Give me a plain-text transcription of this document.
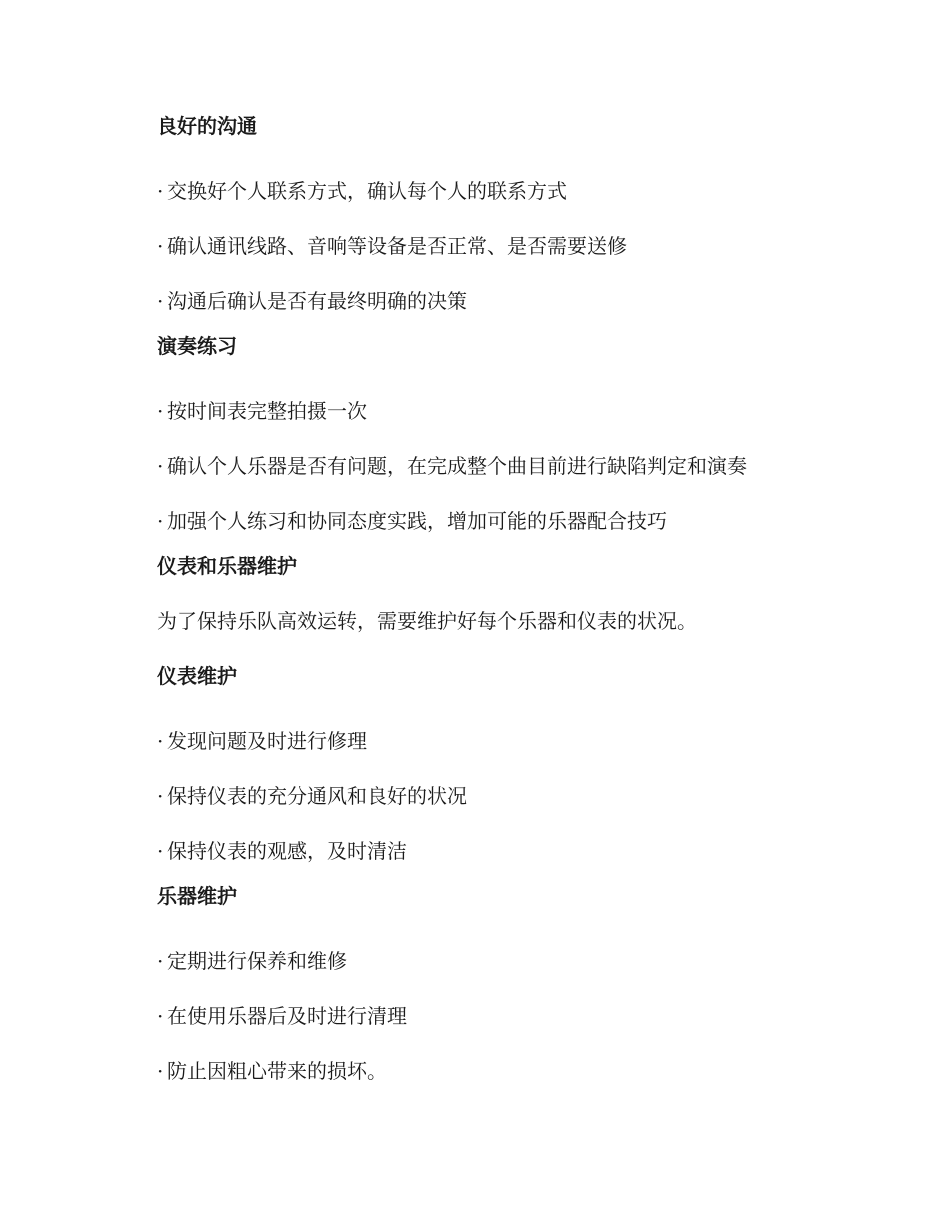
良好的沟通
· 交换好个人联系方式，确认每个人的联系方式
· 确认通讯线路、音响等设备是否正常、是否需要送修
· 沟通后确认是否有最终明确的决策
演奏练习
· 按时间表完整拍摄一次
· 确认个人乐器是否有问题，在完成整个曲目前进行缺陷判定和演奏
· 加强个人练习和协同态度实践，增加可能的乐器配合技巧
仪表和乐器维护
为了保持乐队高效运转，需要维护好每个乐器和仪表的状况。
仪表维护
· 发现问题及时进行修理
· 保持仪表的充分通风和良好的状况
· 保持仪表的观感，及时清洁
乐器维护
· 定期进行保养和维修
· 在使用乐器后及时进行清理
· 防止因粗心带来的损坏。
